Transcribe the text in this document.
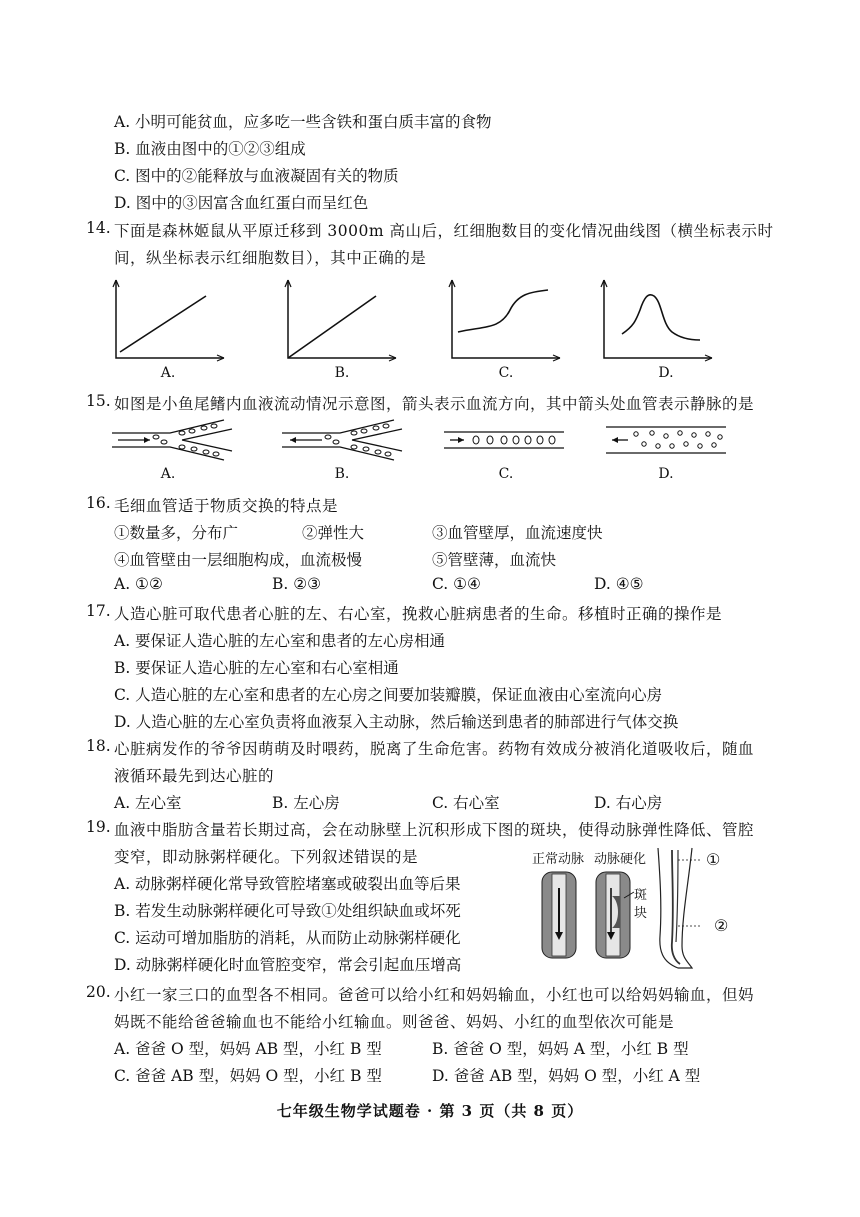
A. 小明可能贫血，应多吃一些含铁和蛋白质丰富的食物
B. 血液由图中的①②③组成
C. 图中的②能释放与血液凝固有关的物质
D. 图中的③因富含血红蛋白而呈红色
14. 下面是森林姬鼠从平原迁移到 3000m 高山后，红细胞数目的变化情况曲线图（横坐标表示时
间，纵坐标表示红细胞数目），其中正确的是
A.	B.	C.	D.
15. 如图是小鱼尾鳍内血液流动情况示意图，箭头表示血流方向，其中箭头处血管表示静脉的是
A.	B.	C.	D.
16. 毛细血管适于物质交换的特点是
①数量多，分布广	②弹性大	③血管壁厚，血流速度快
④血管壁由一层细胞构成，血流极慢	⑤管壁薄，血流快
A. ①②	B. ②③	C. ①④	D. ④⑤
17. 人造心脏可取代患者心脏的左、右心室，挽救心脏病患者的生命。移植时正确的操作是
A. 要保证人造心脏的左心室和患者的左心房相通
B. 要保证人造心脏的左心室和右心室相通
C. 人造心脏的左心室和患者的左心房之间要加装瓣膜，保证血液由心室流向心房
D. 人造心脏的左心室负责将血液泵入主动脉，然后输送到患者的肺部进行气体交换
18. 心脏病发作的爷爷因萌萌及时喂药，脱离了生命危害。药物有效成分被消化道吸收后，随血
液循环最先到达心脏的
A. 左心室	B. 左心房	C. 右心室	D. 右心房
19. 血液中脂肪含量若长期过高，会在动脉壁上沉积形成下图的斑块，使得动脉弹性降低、管腔
变窄，即动脉粥样硬化。下列叙述错误的是
A. 动脉粥样硬化常导致管腔堵塞或破裂出血等后果
B. 若发生动脉粥样硬化可导致①处组织缺血或坏死
C. 运动可增加脂肪的消耗，从而防止动脉粥样硬化
D. 动脉粥样硬化时血管腔变窄，常会引起血压增高
正常动脉 动脉硬化
斑
块
①
②
20. 小红一家三口的血型各不相同。爸爸可以给小红和妈妈输血，小红也可以给妈妈输血，但妈
妈既不能给爸爸输血也不能给小红输血。则爸爸、妈妈、小红的血型依次可能是
A. 爸爸 O 型，妈妈 AB 型，小红 B 型	B. 爸爸 O 型，妈妈 A 型，小红 B 型
C. 爸爸 AB 型，妈妈 O 型，小红 B 型	D. 爸爸 AB 型，妈妈 O 型，小红 A 型
七年级生物学试题卷 · 第 3 页（共 8 页）
